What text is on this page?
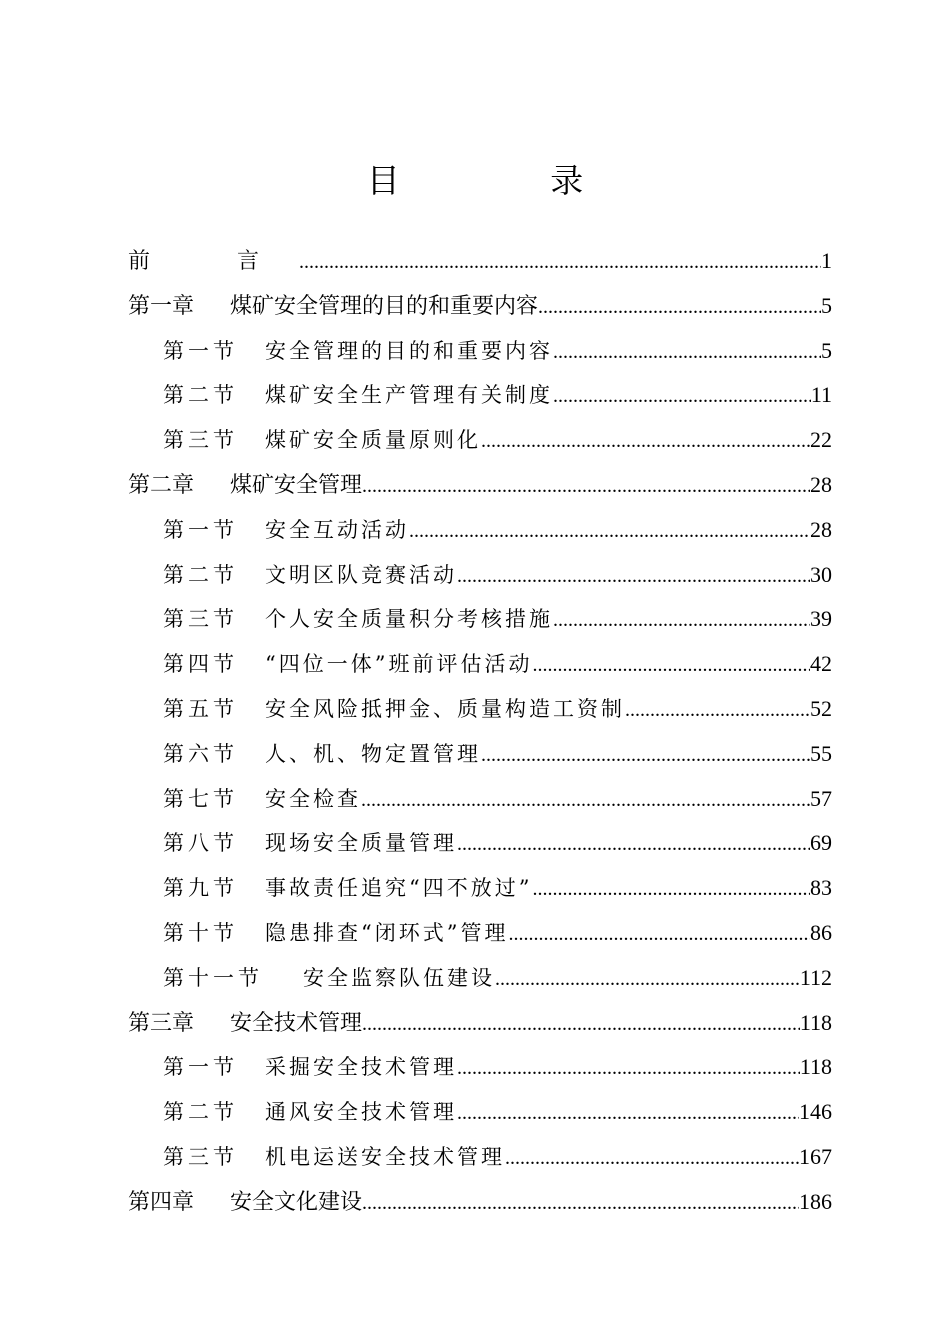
目 录
前 言 .....	1
第一章	煤矿安全管理的目的和重要内容 .....	5
第一节	安全管理的目的和重要内容 .....	5
第二节	煤矿安全生产管理有关制度 .....	11
第三节	煤矿安全质量原则化 .....	22
第二章	煤矿安全管理 .....	28
第一节	安全互动活动 .....	28
第二节	文明区队竞赛活动 .....	30
第三节	个人安全质量积分考核措施 .....	39
第四节	“四位一体”班前评估活动 .....	42
第五节	安全风险抵押金、质量构造工资制 .....	52
第六节	人、机、物定置管理 .....	55
第七节	安全检查 .....	57
第八节	现场安全质量管理 .....	69
第九节	事故责任追究“四不放过” .....	83
第十节	隐患排查“闭环式”管理 .....	86
第十一节	安全监察队伍建设 .....	112
第三章	安全技术管理 .....	118
第一节	采掘安全技术管理 .....	118
第二节	通风安全技术管理 .....	146
第三节	机电运送安全技术管理 .....	167
第四章	安全文化建设 .....	186
